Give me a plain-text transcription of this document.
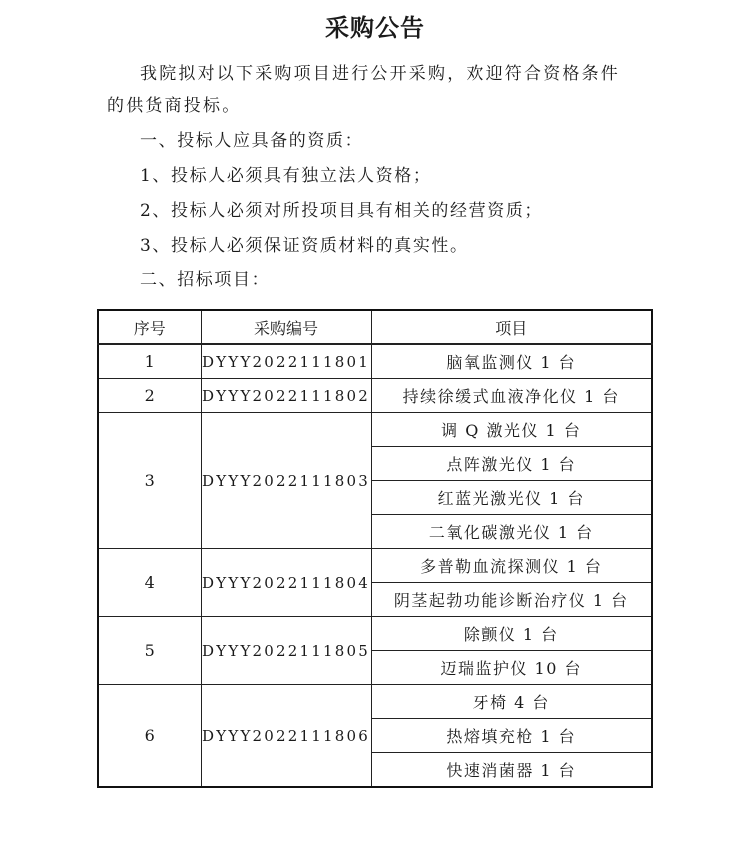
采购公告
我院拟对以下采购项目进行公开采购，欢迎符合资格条件
的供货商投标。
一、投标人应具备的资质：
1、投标人必须具有独立法人资格；
2、投标人必须对所投项目具有相关的经营资质；
3、投标人必须保证资质材料的真实性。
二、招标项目：
序号	采购编号	项目
1	DYYY2022111801	脑氧监测仪 1 台
2	DYYY2022111802	持续徐缓式血液净化仪 1 台
3	DYYY2022111803	调 Q 激光仪 1 台
		点阵激光仪 1 台
		红蓝光激光仪 1 台
		二氧化碳激光仪 1 台
4	DYYY2022111804	多普勒血流探测仪 1 台
		阴茎起勃功能诊断治疗仪 1 台
5	DYYY2022111805	除颤仪 1 台
		迈瑞监护仪 10 台
6	DYYY2022111806	牙椅 4 台
		热熔填充枪 1 台
		快速消菌器 1 台
